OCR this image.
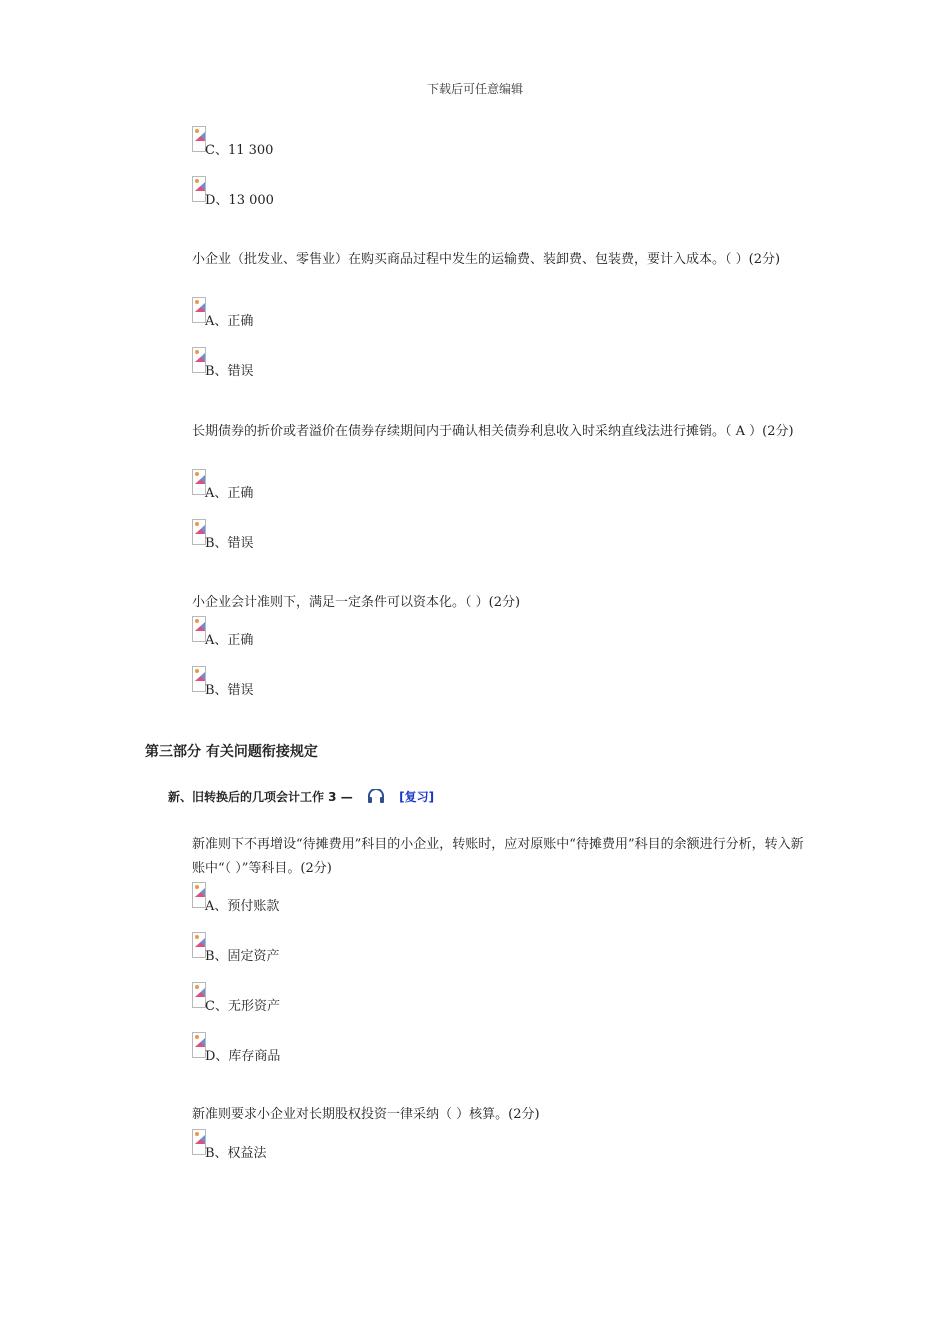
下载后可任意编辑
C、11 300
D、13 000
小企业（批发业、零售业）在购买商品过程中发生的运输费、装卸费、包装费，要计入成本。（ ）(2分)
A、正确
B、错误
长期债券的折价或者溢价在债券存续期间内于确认相关债券利息收入时采纳直线法进行摊销。（ A ）(2分)
A、正确
B、错误
小企业会计准则下，满足一定条件可以资本化。（ ）(2分)
A、正确
B、错误
第三部分 有关问题衔接规定
新、旧转换后的几项会计工作 3 —	[复习]
新准则下不再增设“待摊费用”科目的小企业，转账时，应对原账中“待摊费用”科目的余额进行分析，转入新账中“（ ）”等科目。(2分)
A、预付账款
B、固定资产
C、无形资产
D、库存商品
新准则要求小企业对长期股权投资一律采纳（ ）核算。(2分)
B、权益法
